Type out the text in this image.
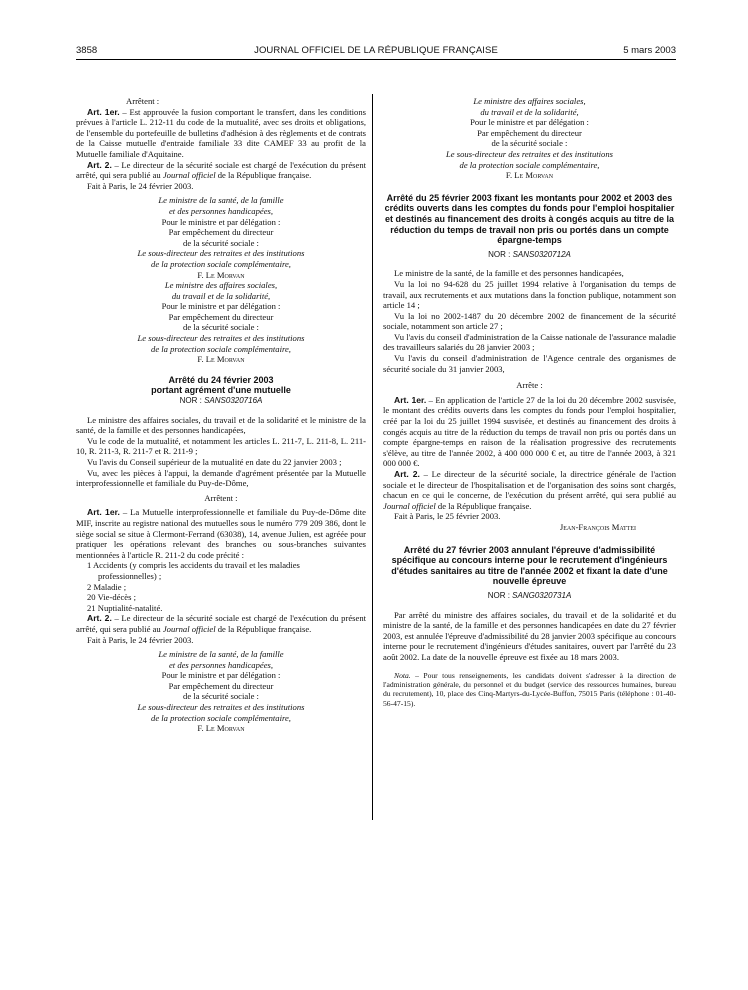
3858	JOURNAL OFFICIEL DE LA RÉPUBLIQUE FRANÇAISE	5 mars 2003

Arrêtent :

Art. 1er. – Est approuvée la fusion comportant le transfert, dans les conditions prévues à l'article L. 212-11 du code de la mutualité, avec ses droits et obligations, de l'ensemble du portefeuille de bulletins d'adhésion à des règlements et de contrats de la Caisse mutuelle d'entraide familiale 33 dite CAMEF 33 au profit de la Mutuelle familiale d'Aquitaine.

Art. 2. – Le directeur de la sécurité sociale est chargé de l'exécution du présent arrêté, qui sera publié au Journal officiel de la République française.

Fait à Paris, le 24 février 2003.

Le ministre de la santé, de la famille

et des personnes handicapées,

Pour le ministre et par délégation :

Par empêchement du directeur

de la sécurité sociale :

Le sous-directeur des retraites et des institutions

de la protection sociale complémentaire,

F. Le Morvan

Le ministre des affaires sociales,

du travail et de la solidarité,

Pour le ministre et par délégation :

Par empêchement du directeur

de la sécurité sociale :

Le sous-directeur des retraites et des institutions

de la protection sociale complémentaire,

F. Le Morvan

Arrêté du 24 février 2003

portant agrément d'une mutuelle

NOR : SANS0320716A

Le ministre des affaires sociales, du travail et de la solidarité et le ministre de la santé, de la famille et des personnes handicapées,

Vu le code de la mutualité, et notamment les articles L. 211-7, L. 211-8, L. 211-10, R. 211-3, R. 211-7 et R. 211-9 ;

Vu l'avis du Conseil supérieur de la mutualité en date du 22 janvier 2003 ;

Vu, avec les pièces à l'appui, la demande d'agrément présentée par la Mutuelle interprofessionnelle et familiale du Puy-de-Dôme,

Arrêtent :

Art. 1er. – La Mutuelle interprofessionnelle et familiale du Puy-de-Dôme dite MIF, inscrite au registre national des mutuelles sous le numéro 779 209 386, dont le siège social se situe à Clermont-Ferrand (63038), 14, avenue Julien, est agréée pour pratiquer les opérations relevant des branches ou sous-branches suivantes mentionnées à l'article R. 211-2 du code précité :

1 Accidents (y compris les accidents du travail et les maladies

professionnelles) ;

2 Maladie ;

20 Vie-décès ;

21 Nuptialité-natalité.

Art. 2. – Le directeur de la sécurité sociale est chargé de l'exécution du présent arrêté, qui sera publié au Journal officiel de la République française.

Fait à Paris, le 24 février 2003.

Le ministre de la santé, de la famille

et des personnes handicapées,

Pour le ministre et par délégation :

Par empêchement du directeur

de la sécurité sociale :

Le sous-directeur des retraites et des institutions

de la protection sociale complémentaire,

F. Le Morvan

Le ministre des affaires sociales,

du travail et de la solidarité,

Pour le ministre et par délégation :

Par empêchement du directeur

de la sécurité sociale :

Le sous-directeur des retraites et des institutions

de la protection sociale complémentaire,

F. Le Morvan

Arrêté du 25 février 2003 fixant les montants pour 2002 et 2003 des crédits ouverts dans les comptes du fonds pour l'emploi hospitalier et destinés au financement des droits à congés acquis au titre de la réduction du temps de travail non pris ou portés dans un compte épargne-temps

NOR : SANS0320712A

Le ministre de la santé, de la famille et des personnes handicapées,

Vu la loi no 94-628 du 25 juillet 1994 relative à l'organisation du temps de travail, aux recrutements et aux mutations dans la fonction publique, notamment son article 14 ;

Vu la loi no 2002-1487 du 20 décembre 2002 de financement de la sécurité sociale, notamment son article 27 ;

Vu l'avis du conseil d'administration de la Caisse nationale de l'assurance maladie des travailleurs salariés du 28 janvier 2003 ;

Vu l'avis du conseil d'administration de l'Agence centrale des organismes de sécurité sociale du 31 janvier 2003,

Arrête :

Art. 1er. – En application de l'article 27 de la loi du 20 décembre 2002 susvisée, le montant des crédits ouverts dans les comptes du fonds pour l'emploi hospitalier, créé par la loi du 25 juillet 1994 susvisée, et destinés au financement des droits à congés acquis au titre de la réduction du temps de travail non pris ou portés dans un compte épargne-temps en raison de la réalisation progressive des recrutements s'élève, au titre de l'année 2002, à 400 000 000 € et, au titre de l'année 2003, à 321 000 000 €.

Art. 2. – Le directeur de la sécurité sociale, la directrice générale de l'action sociale et le directeur de l'hospitalisation et de l'organisation des soins sont chargés, chacun en ce qui le concerne, de l'exécution du présent arrêté, qui sera publié au Journal officiel de la République française.

Fait à Paris, le 25 février 2003.

Jean-François Mattei

Arrêté du 27 février 2003 annulant l'épreuve d'admissibilité spécifique au concours interne pour le recrutement d'ingénieurs d'études sanitaires au titre de l'année 2002 et fixant la date d'une nouvelle épreuve

NOR : SANG0320731A

Par arrêté du ministre des affaires sociales, du travail et de la solidarité et du ministre de la santé, de la famille et des personnes handicapées en date du 27 février 2003, est annulée l'épreuve d'admissibilité du 28 janvier 2003 spécifique au concours interne pour le recrutement d'ingénieurs d'études sanitaires, ouvert par l'arrêté du 23 août 2002. La date de la nouvelle épreuve est fixée au 18 mars 2003.

Nota. – Pour tous renseignements, les candidats doivent s'adresser à la direction de l'administration générale, du personnel et du budget (service des ressources humaines, bureau du recrutement), 10, place des Cinq-Martyrs-du-Lycée-Buffon, 75015 Paris (téléphone : 01-40-56-47-15).
